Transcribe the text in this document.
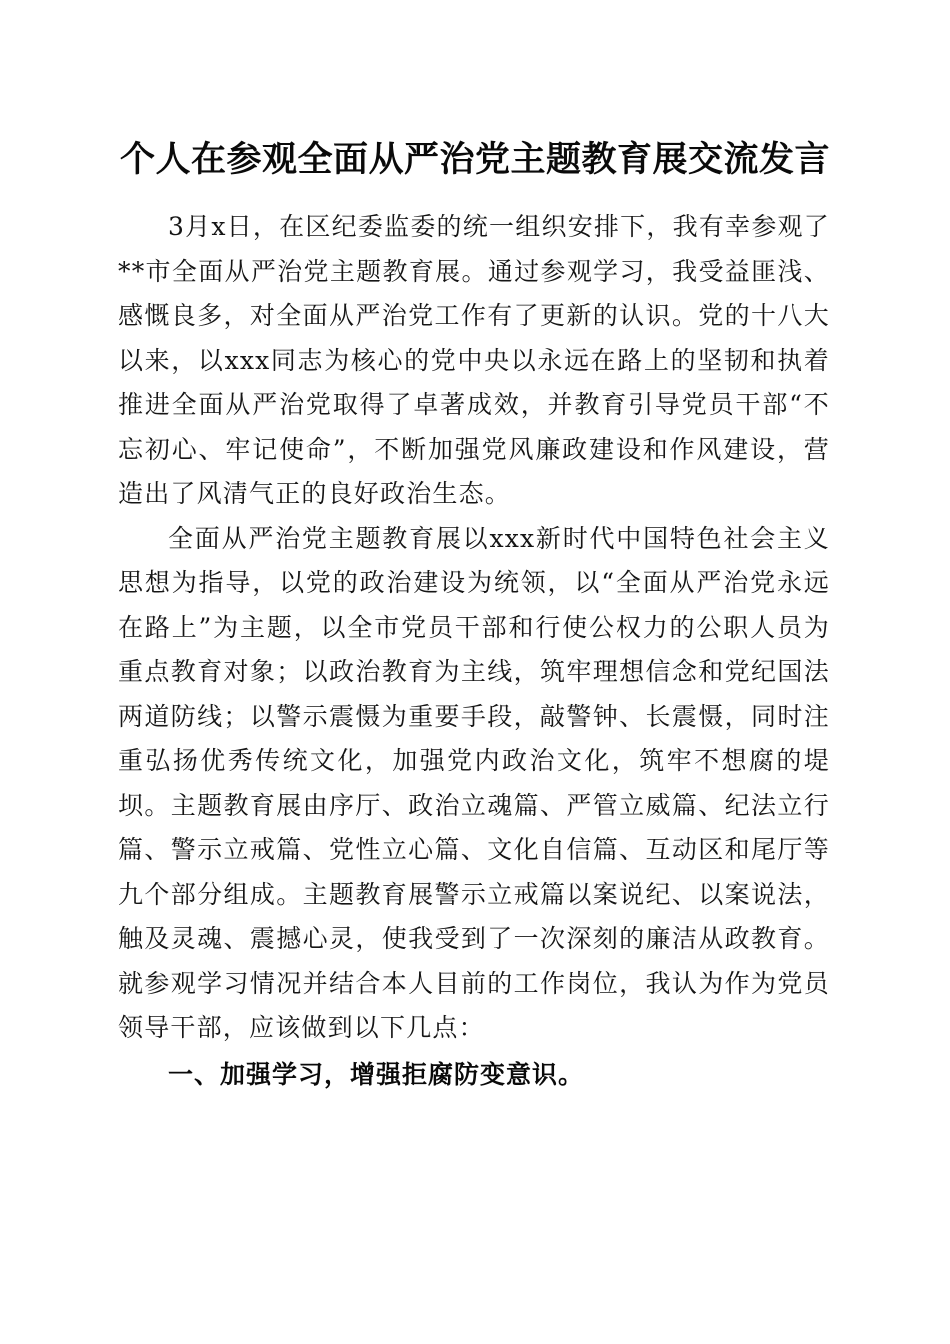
个人在参观全面从严治党主题教育展交流发言

3月x日，在区纪委监委的统一组织安排下，我有幸参观了**市全面从严治党主题教育展。通过参观学习，我受益匪浅、感慨良多，对全面从严治党工作有了更新的认识。党的十八大以来，以xxx同志为核心的党中央以永远在路上的坚韧和执着推进全面从严治党取得了卓著成效，并教育引导党员干部“不忘初心、牢记使命”，不断加强党风廉政建设和作风建设，营造出了风清气正的良好政治生态。

全面从严治党主题教育展以xxx新时代中国特色社会主义思想为指导，以党的政治建设为统领，以“全面从严治党永远在路上”为主题，以全市党员干部和行使公权力的公职人员为重点教育对象；以政治教育为主线，筑牢理想信念和党纪国法两道防线；以警示震慑为重要手段，敲警钟、长震慑，同时注重弘扬优秀传统文化，加强党内政治文化，筑牢不想腐的堤坝。主题教育展由序厅、政治立魂篇、严管立威篇、纪法立行篇、警示立戒篇、党性立心篇、文化自信篇、互动区和尾厅等九个部分组成。主题教育展警示立戒篇以案说纪、以案说法，触及灵魂、震撼心灵，使我受到了一次深刻的廉洁从政教育。就参观学习情况并结合本人目前的工作岗位，我认为作为党员领导干部，应该做到以下几点：

一、加强学习，增强拒腐防变意识。
